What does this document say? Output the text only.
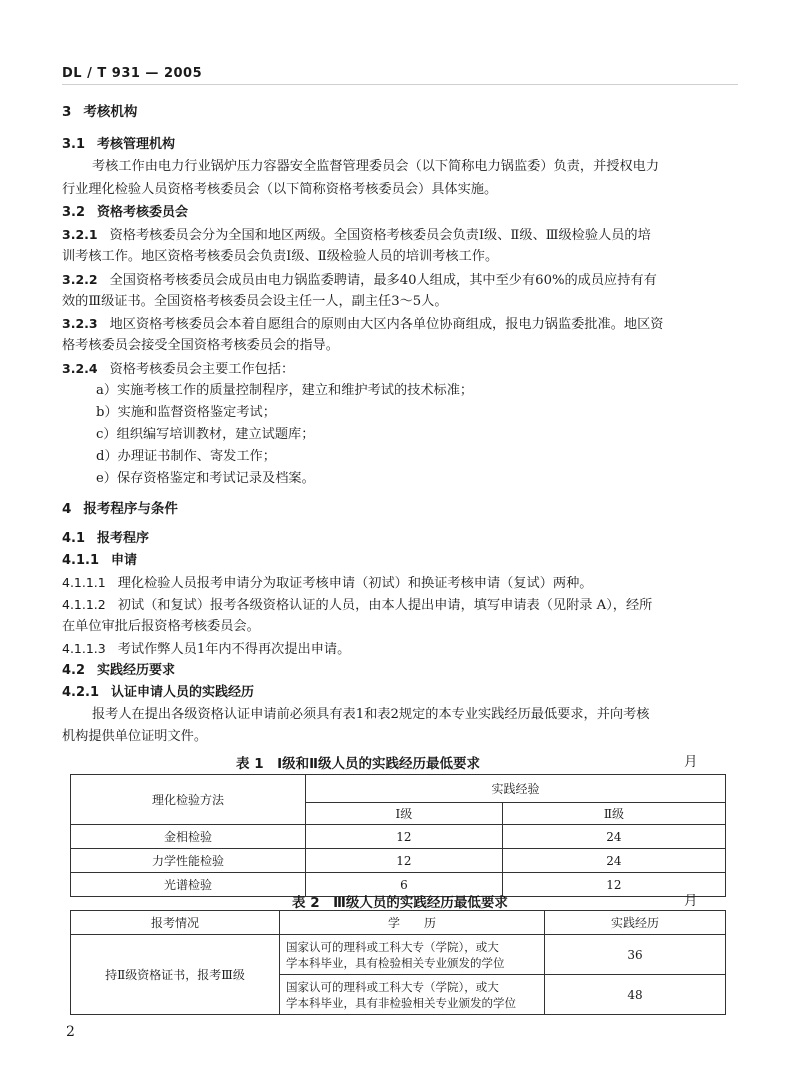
DL / T 931 — 2005
3 考核机构
3.1 考核管理机构
考核工作由电力行业锅炉压力容器安全监督管理委员会（以下简称电力锅监委）负责，并授权电力
行业理化检验人员资格考核委员会（以下简称资格考核委员会）具体实施。
3.2 资格考核委员会
3.2.1 资格考核委员会分为全国和地区两级。全国资格考核委员会负责Ⅰ级、Ⅱ级、Ⅲ级检验人员的培
训考核工作。地区资格考核委员会负责Ⅰ级、Ⅱ级检验人员的培训考核工作。
3.2.2 全国资格考核委员会成员由电力锅监委聘请，最多40人组成，其中至少有60%的成员应持有有
效的Ⅲ级证书。全国资格考核委员会设主任一人，副主任3～5人。
3.2.3 地区资格考核委员会本着自愿组合的原则由大区内各单位协商组成，报电力锅监委批准。地区资
格考核委员会接受全国资格考核委员会的指导。
3.2.4 资格考核委员会主要工作包括：
a）实施考核工作的质量控制程序，建立和维护考试的技术标准；
b）实施和监督资格鉴定考试；
c）组织编写培训教材，建立试题库；
d）办理证书制作、寄发工作；
e）保存资格鉴定和考试记录及档案。
4 报考程序与条件
4.1 报考程序
4.1.1 申请
4.1.1.1 理化检验人员报考申请分为取证考核申请（初试）和换证考核申请（复试）两种。
4.1.1.2 初试（和复试）报考各级资格认证的人员，由本人提出申请，填写申请表（见附录 A），经所
在单位审批后报资格考核委员会。
4.1.1.3 考试作弊人员1年内不得再次提出申请。
4.2 实践经历要求
4.2.1 认证申请人员的实践经历
报考人在提出各级资格认证申请前必须具有表1和表2规定的本专业实践经历最低要求，并向考核
机构提供单位证明文件。
表 1　Ⅰ级和Ⅱ级人员的实践经历最低要求	月
理化检验方法	实践经验	
	Ⅰ级	Ⅱ级
金相检验	12	24
力学性能检验	12	24
光谱检验	6	12
表 2　Ⅲ级人员的实践经历最低要求	月
报考情况	学　　历	实践经历
持Ⅱ级资格证书，报考Ⅲ级	国家认可的理科或工科大专（学院），或大
学本科毕业，具有检验相关专业颁发的学位	36

	国家认可的理科或工科大专（学院），或大
学本科毕业，具有非检验相关专业颁发的学位	48
2
